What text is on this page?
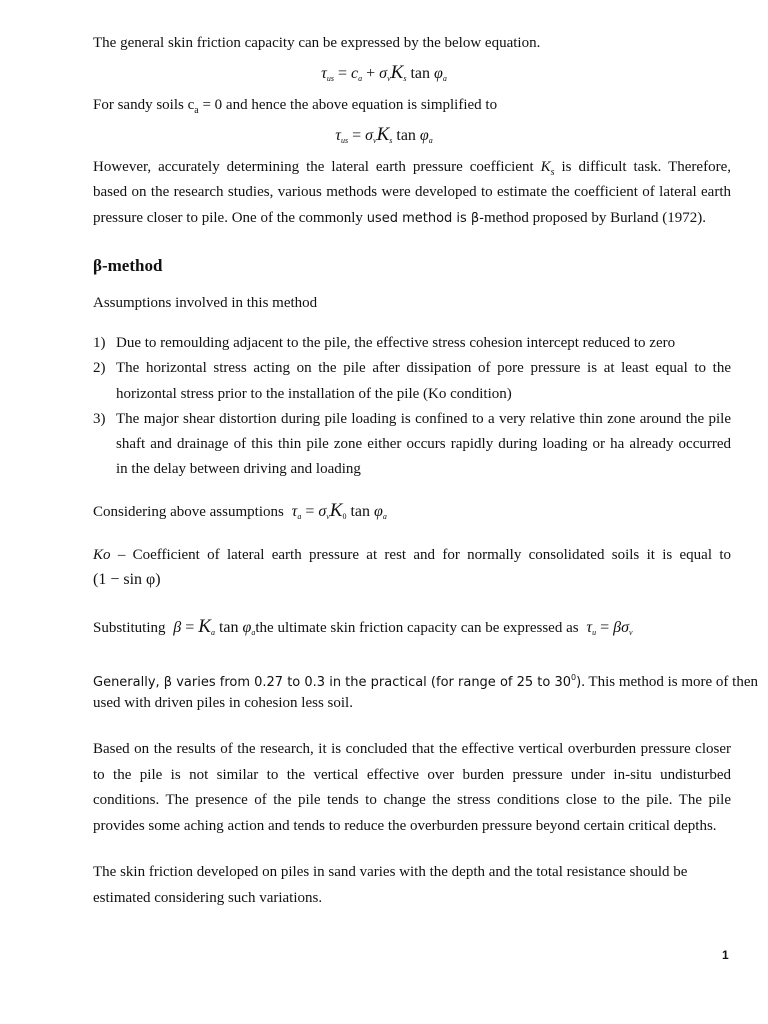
The general skin friction capacity can be expressed by the below equation.
$\tau_{us} = c_a + \sigma_vK_s$ $\tan \varphi_a$
For sandy soils $c_a = 0$ and hence the above equation is simplified to
$\tau_{us} = \sigma_vK_s$ $\tan \varphi_a$
However, accurately determining the lateral earth pressure coefficient $K_s$ is difficult task. Therefore,
based on the research studies, various methods were developed to estimate the coefficient of lateral earth
pressure closer to pile. One of the commonly used method is β-method proposed by Burland (1972).
β-method
Assumptions involved in this method
1) Due to remoulding adjacent to the pile, the effective stress cohesion intercept reduced to zero
2) The horizontal stress acting on the pile after dissipation of pore pressure is at least equal to the
horizontal stress prior to the installation of the pile (Ko condition)
3) The major shear distortion during pile loading is confined to a very relative thin zone around the pile
shaft and drainage of this thin pile zone either occurs rapidly during loading or ha already occurred
in the delay between driving and loading
Considering above assumptions $\tau_a = \sigma_vK_0$ $\tan \varphi_a$
Ko – Coefficient of lateral earth pressure at rest and for normally consolidated soils it is equal to
(1 − sin φ)
Substituting $\beta = K_a$ $\tan \varphi_athe$ ultimate skin friction capacity can be expressed as $\tau_u = \beta\sigma_v$
Generally, β varies from 0.27 to 0.3 in the practical (for range of 25 to $30^0$). This method is more of then
used with driven piles in cohesion less soil.
Based on the results of the research, it is concluded that the effective vertical overburden pressure closer
to the pile is not similar to the vertical effective over burden pressure under in-situ undisturbed
conditions. The presence of the pile tends to change the stress conditions close to the pile. The pile
provides some aching action and tends to reduce the overburden pressure beyond certain critical depths.
The skin friction developed on piles in sand varies with the depth and the total resistance should be
estimated considering such variations.
1
